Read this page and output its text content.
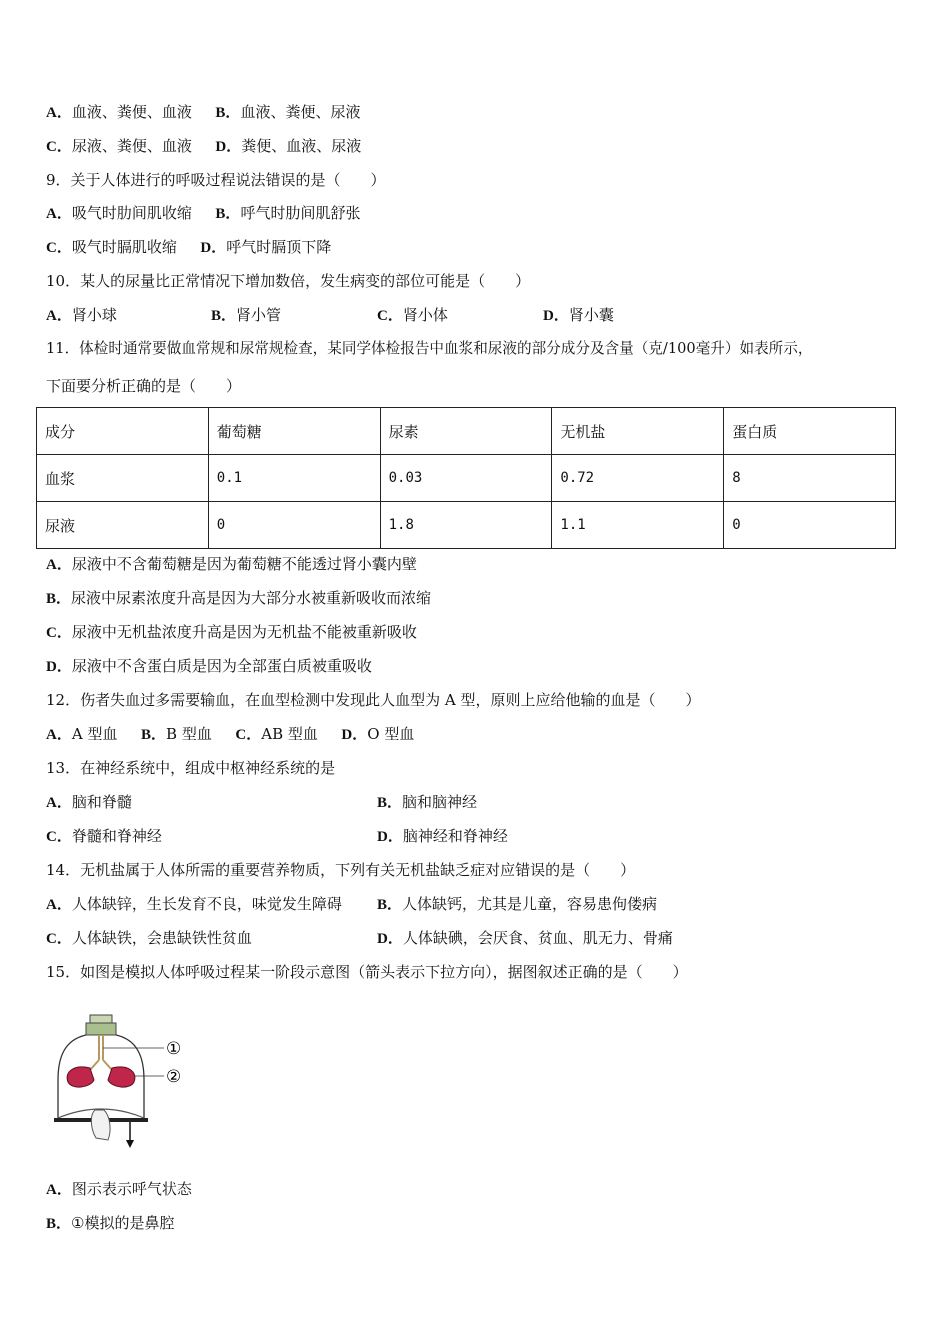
A．血液、粪便、血液 B．血液、粪便、尿液
C．尿液、粪便、血液 D．粪便、血液、尿液
9．关于人体进行的呼吸过程说法错误的是（　　）
A．吸气时肋间肌收缩 B．呼气时肋间肌舒张
C．吸气时膈肌收缩 D．呼气时膈顶下降
10．某人的尿量比正常情况下增加数倍，发生病变的部位可能是（　　）
A．肾小球	B．肾小管	C．肾小体	D．肾小囊
11．体检时通常要做血常规和尿常规检查，某同学体检报告中血浆和尿液的部分成分及含量（克/100毫升）如表所示，
下面要分析正确的是（　　）
成分	葡萄糖	尿素	无机盐	蛋白质
血浆	0.1	0.03	0.72	8
尿液	0	1.8	1.1	0
A．尿液中不含葡萄糖是因为葡萄糖不能透过肾小囊内壁
B．尿液中尿素浓度升高是因为大部分水被重新吸收而浓缩
C．尿液中无机盐浓度升高是因为无机盐不能被重新吸收
D．尿液中不含蛋白质是因为全部蛋白质被重吸收
12．伤者失血过多需要输血，在血型检测中发现此人血型为 A 型，原则上应给他输的血是（　　）
A．A 型血 B．B 型血 C．AB 型血 D．O 型血
13．在神经系统中，组成中枢神经系统的是
A．脑和脊髓	B．脑和脑神经
C．脊髓和脊神经	D．脑神经和脊神经
14．无机盐属于人体所需的重要营养物质，下列有关无机盐缺乏症对应错误的是（　　）
A．人体缺锌，生长发育不良，味觉发生障碍 B．人体缺钙，尤其是儿童，容易患佝偻病
C．人体缺铁，会患缺铁性贫血	D．人体缺碘，会厌食、贫血、肌无力、骨痛
15．如图是模拟人体呼吸过程某一阶段示意图（箭头表示下拉方向），据图叙述正确的是（　　）
①
②
A．图示表示呼气状态
B．①模拟的是鼻腔
